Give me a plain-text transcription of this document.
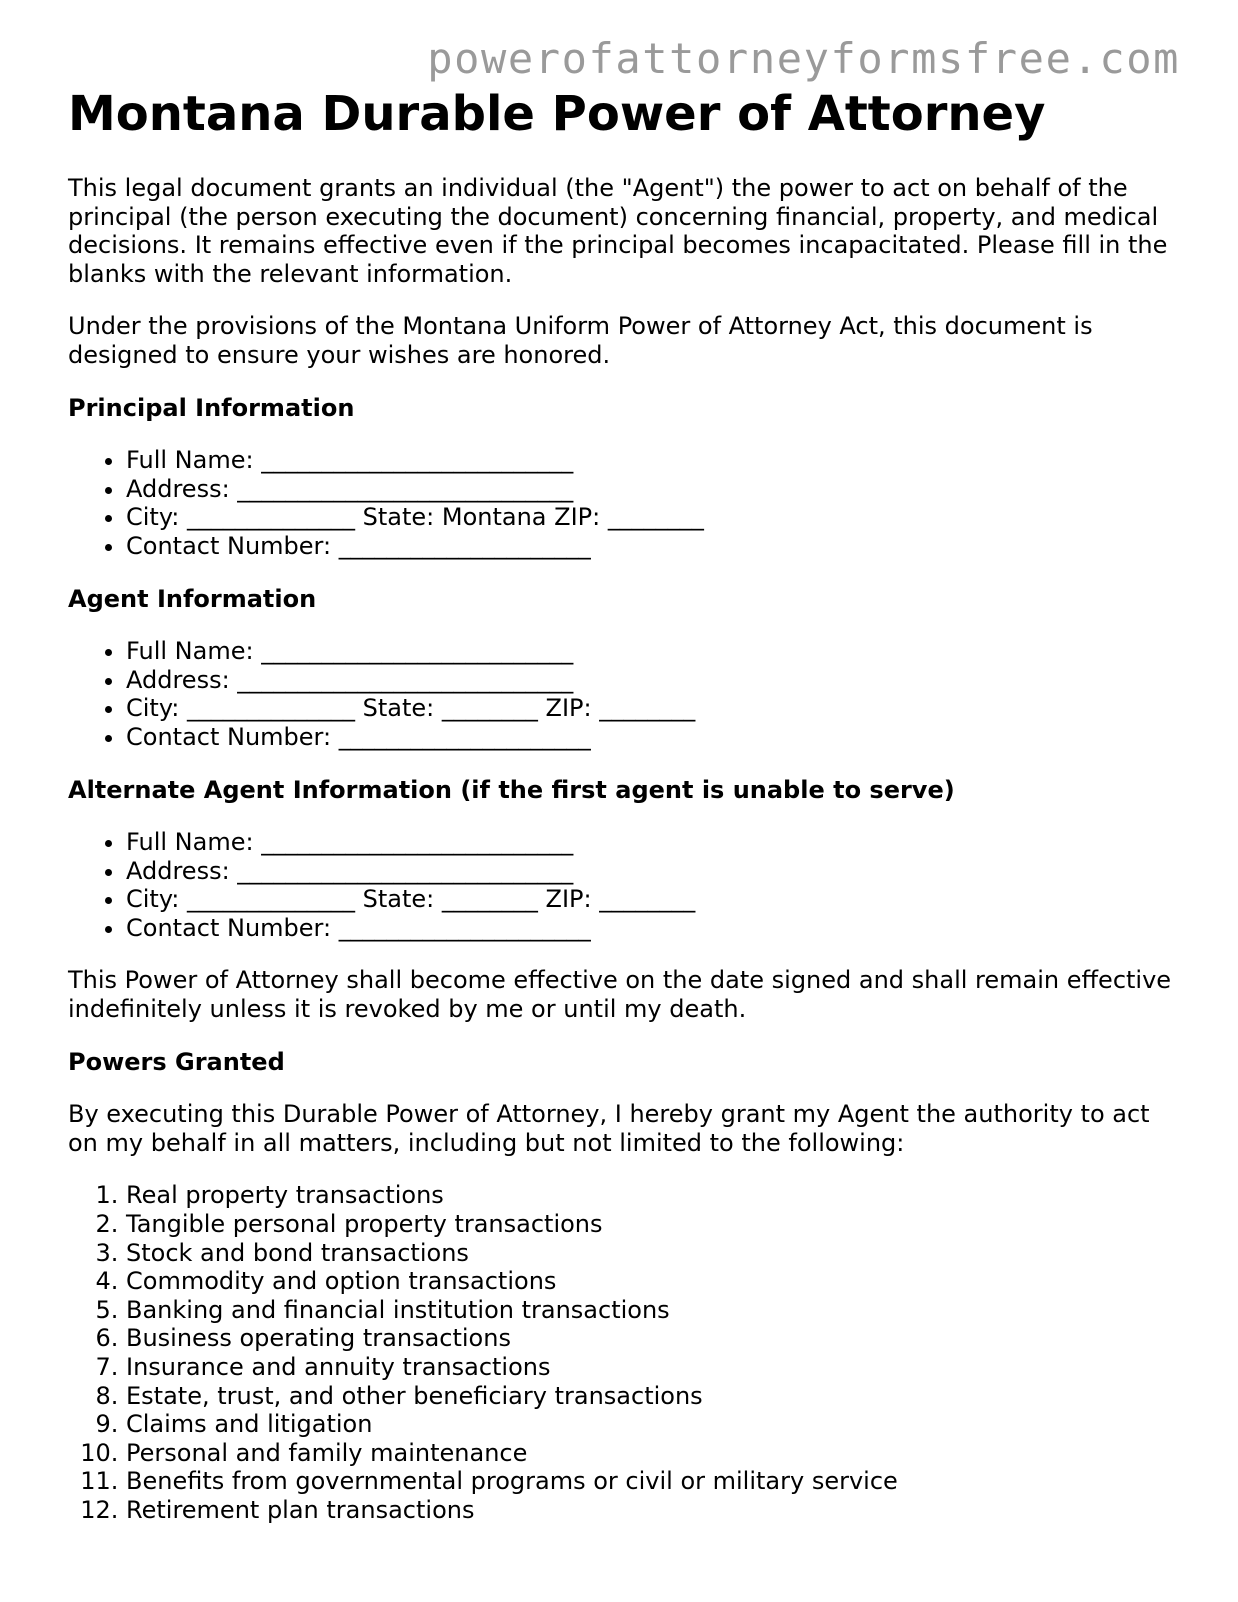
powerofattorneyformsfree.com
Montana Durable Power of Attorney

This legal document grants an individual (the "Agent") the power to act on behalf of the principal (the person executing the document) concerning financial, property, and medical decisions. It remains effective even if the principal becomes incapacitated. Please fill in the blanks with the relevant information.

Under the provisions of the Montana Uniform Power of Attorney Act, this document is designed to ensure your wishes are honored.

Principal Information
• Full Name: __________________________
• Address: ____________________________
• City: ______________ State: Montana ZIP: ________
• Contact Number: _____________________
Agent Information
• Full Name: __________________________
• Address: ____________________________
• City: ______________ State: ________ ZIP: ________
• Contact Number: _____________________
Alternate Agent Information (if the first agent is unable to serve)
• Full Name: __________________________
• Address: ____________________________
• City: ______________ State: ________ ZIP: ________
• Contact Number: _____________________

This Power of Attorney shall become effective on the date signed and shall remain effective indefinitely unless it is revoked by me or until my death.

Powers Granted

By executing this Durable Power of Attorney, I hereby grant my Agent the authority to act on my behalf in all matters, including but not limited to the following:

1. Real property transactions
2. Tangible personal property transactions
3. Stock and bond transactions
4. Commodity and option transactions
5. Banking and financial institution transactions
6. Business operating transactions
7. Insurance and annuity transactions
8. Estate, trust, and other beneficiary transactions
9. Claims and litigation
10. Personal and family maintenance
11. Benefits from governmental programs or civil or military service
12. Retirement plan transactions
